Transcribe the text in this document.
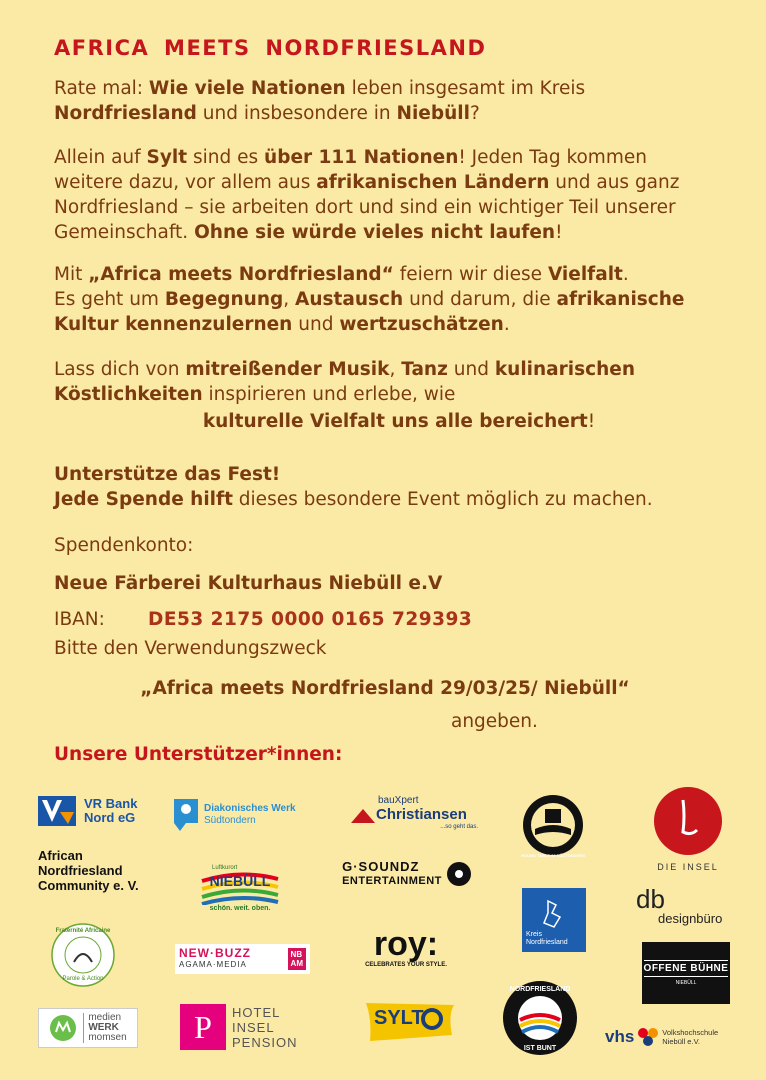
AFRICA MEETS NORDFRIESLAND
Rate mal: Wie viele Nationen leben insgesamt im Kreis
Nordfriesland und insbesondere in Niebüll?
Allein auf Sylt sind es über 111 Nationen! Jeden Tag kommen
weitere dazu, vor allem aus afrikanischen Ländern und aus ganz
Nordfriesland – sie arbeiten dort und sind ein wichtiger Teil unserer
Gemeinschaft. Ohne sie würde vieles nicht laufen!
Mit „Africa meets Nordfriesland“ feiern wir diese Vielfalt.
Es geht um Begegnung, Austausch und darum, die afrikanische
Kultur kennenzulernen und wertzuschätzen.
Lass dich von mitreißender Musik, Tanz und kulinarischen
Köstlichkeiten inspirieren und erlebe, wie

kulturelle Vielfalt uns alle bereichert!
Unterstütze das Fest!
Jede Spende hilft dieses besondere Event möglich zu machen.
Spendenkonto:
Neue Färberei Kulturhaus Niebüll e.V
IBAN: DE53 2175 0000 0165 729393
Bitte den Verwendungszweck
„Africa meets Nordfriesland 29/03/25/ Niebüll“
angeben.
Unsere Unterstützer*innen:
VR Bank
Nord eG
Diakonisches Werk
Südtondern
bauXpert
Christiansen
...so geht das.
ROUND TABLE 66 SÜDTONDERN
DIE INSEL
African
Nordfriesland
Community e. V.
Luftkurort
NIEBÜLL
schön. weit. oben.
G·SOUNDZ
ENTERTAINMENT
Kreis
Nordfriesland
db
designbüro
Fraternité Africaine
Parole & Action
NEW·BUZZ
AGAMA·MEDIA
NB
AM
roy:
CELEBRATES YOUR STYLE.	OFFENE BÜHNE
NIEBÜLL
medien
WERK
momsen P HOTEL
INSEL
PENSION
SYLT
NORDFRIESLAND
IST BUNT
vhs	Volkshochschule
Niebüll e.V.
